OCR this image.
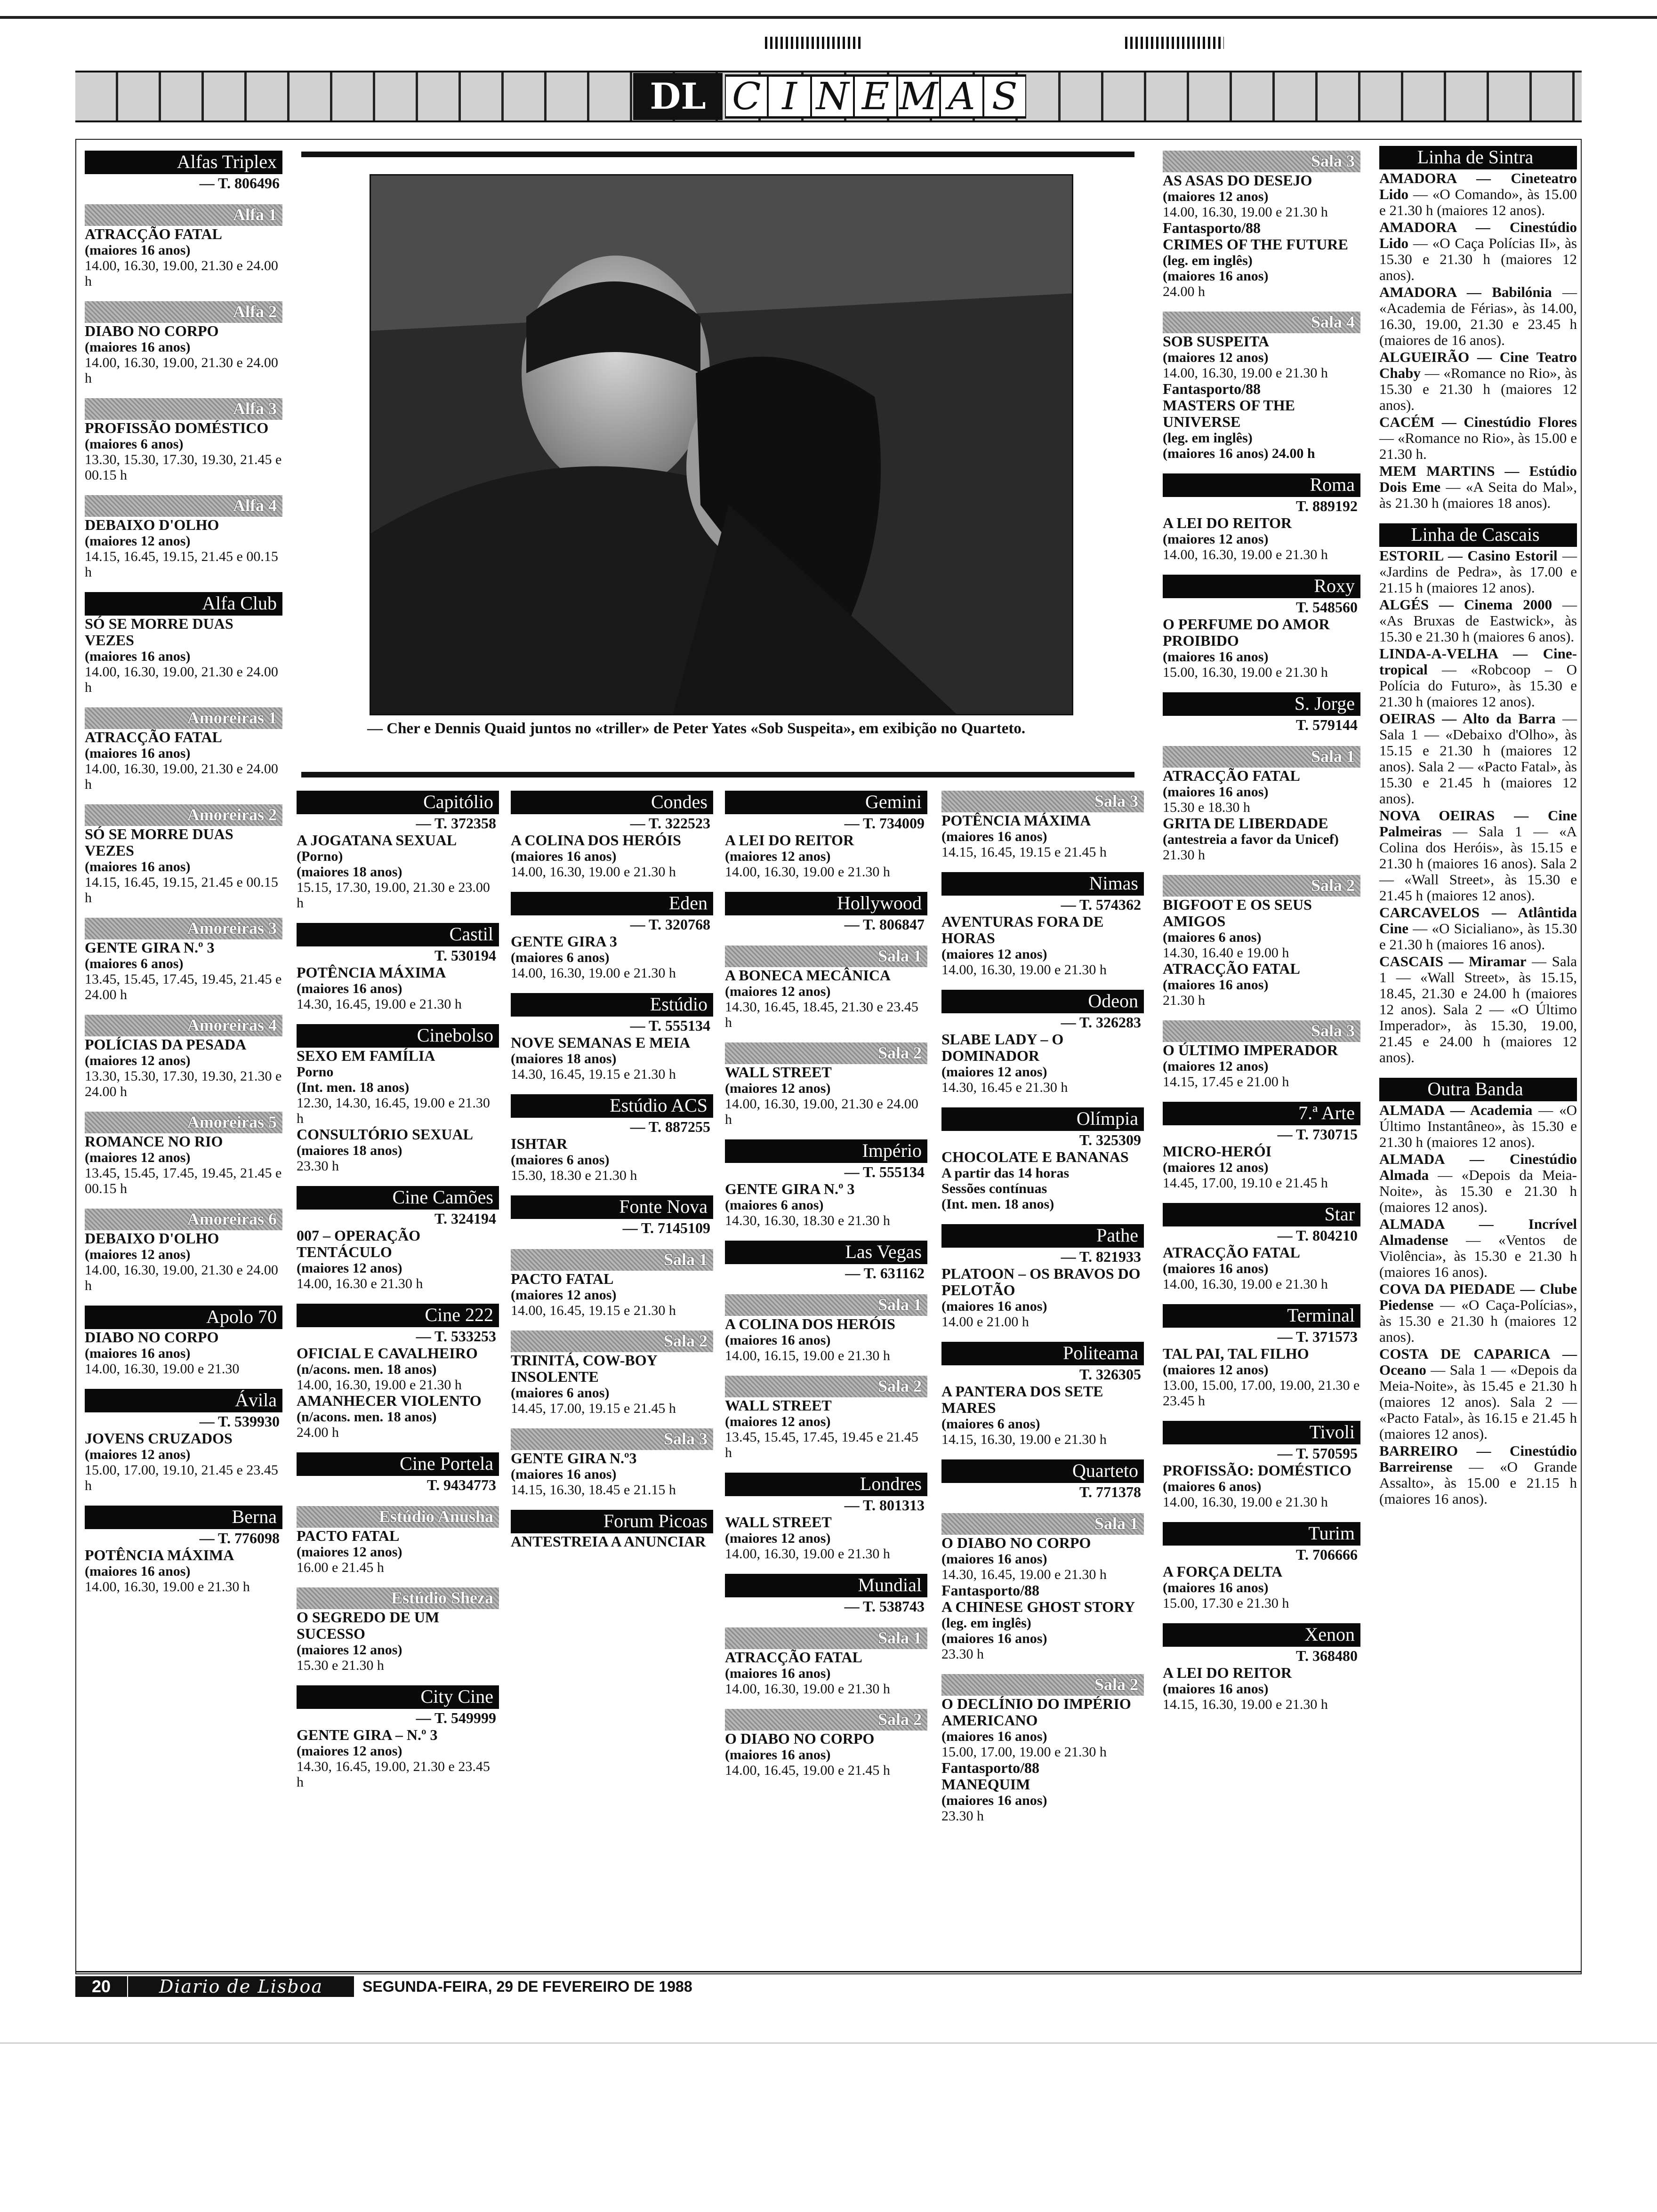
DL C I N E M A S
— Cher e Dennis Quaid juntos no «triller» de Peter Yates «Sob Suspeita», em exibição no Quartetо.
Alfas Triplex
— T. 806496
Alfa 1
ATRACÇÃO FATAL
(maiores 16 anos)
14.00, 16.30, 19.00, 21.30 e 24.00 h
Alfa 2
DIABO NO CORPO
(maiores 16 anos)
14.00, 16.30, 19.00, 21.30 e 24.00 h
Alfa 3
PROFISSÃO DOMÉSTICO
(maiores 6 anos)
13.30, 15.30, 17.30, 19.30, 21.45 e 00.15 h
Alfa 4
DEBAIXO D'OLHO
(maiores 12 anos)
14.15, 16.45, 19.15, 21.45 e 00.15 h
Alfa Club
SÓ SE MORRE DUAS VEZES
(maiores 16 anos)
14.00, 16.30, 19.00, 21.30 e 24.00 h
Amoreiras 1
ATRACÇÃO FATAL
(maiores 16 anos)
14.00, 16.30, 19.00, 21.30 e 24.00 h
Amoreiras 2
SÓ SE MORRE DUAS VEZES
(maiores 16 anos)
14.15, 16.45, 19.15, 21.45 e 00.15 h
Amoreiras 3
GENTE GIRA N.º 3
(maiores 6 anos)
13.45, 15.45, 17.45, 19.45, 21.45 e 24.00 h
Amoreiras 4
POLÍCIAS DA PESADA
(maiores 12 anos)
13.30, 15.30, 17.30, 19.30, 21.30 e 24.00 h
Amoreiras 5
ROMANCE NO RIO
(maiores 12 anos)
13.45, 15.45, 17.45, 19.45, 21.45 e 00.15 h
Amoreiras 6
DEBAIXO D'OLHO
(maiores 12 anos)
14.00, 16.30, 19.00, 21.30 e 24.00 h
Apolo 70
DIABO NO CORPO
(maiores 16 anos)
14.00, 16.30, 19.00 e 21.30
Ávila
— T. 539930
JOVENS CRUZADOS
(maiores 12 anos)
15.00, 17.00, 19.10, 21.45 e 23.45 h
Berna
— T. 776098
POTÊNCIA MÁXIMA
(maiores 16 anos)
14.00, 16.30, 19.00 e 21.30 h
Capitólio
— T. 372358
A JOGATANA SEXUAL
(Porno)
(maiores 18 anos)
15.15, 17.30, 19.00, 21.30 e 23.00 h
Castil
T. 530194
POTÊNCIA MÁXIMA
(maiores 16 anos)
14.30, 16.45, 19.00 e 21.30 h
Cinebolso
SEXO EM FAMÍLIA
Porno
(Int. men. 18 anos)
12.30, 14.30, 16.45, 19.00 e 21.30 h
CONSULTÓRIO SEXUAL
(maiores 18 anos)
23.30 h
Cine Camões
T. 324194
007 – OPERAÇÃO TENTÁCULO
(maiores 12 anos)
14.00, 16.30 e 21.30 h
Cine 222
— T. 533253
OFICIAL E CAVALHEIRO
(n/acons. men. 18 anos)
14.00, 16.30, 19.00 e 21.30 h
AMANHECER VIOLENTO
(n/acons. men. 18 anos)
24.00 h
Cine Portela
T. 9434773
Estúdio Anusha
PACTO FATAL
(maiores 12 anos)
16.00 e 21.45 h
Estúdio Sheza
O SEGREDO DE UM SUCESSO
(maiores 12 anos)
15.30 e 21.30 h
City Cine
— T. 549999
GENTE GIRA – N.º 3
(maiores 12 anos)
14.30, 16.45, 19.00, 21.30 e 23.45 h
Condes
— T. 322523
A COLINA DOS HERÓIS
(maiores 16 anos)
14.00, 16.30, 19.00 e 21.30 h
Eden
— T. 320768
GENTE GIRA 3
(maiores 6 anos)
14.00, 16.30, 19.00 e 21.30 h
Estúdio
— T. 555134
NOVE SEMANAS E MEIA
(maiores 18 anos)
14.30, 16.45, 19.15 e 21.30 h
Estúdio ACS
— T. 887255
ISHTAR
(maiores 6 anos)
15.30, 18.30 e 21.30 h
Fonte Nova
— T. 7145109
Sala 1
PACTO FATAL
(maiores 12 anos)
14.00, 16.45, 19.15 e 21.30 h
Sala 2
TRINITÁ, COW-BOY INSOLENTE
(maiores 6 anos)
14.45, 17.00, 19.15 e 21.45 h
Sala 3
GENTE GIRA N.º3
(maiores 16 anos)
14.15, 16.30, 18.45 e 21.15 h
Forum Picoas
ANTESTREIA A ANUNCIAR
Gemini
— T. 734009
A LEI DO REITOR
(maiores 12 anos)
14.00, 16.30, 19.00 e 21.30 h
Hollywood
— T. 806847
Sala 1
A BONECA MECÂNICA
(maiores 12 anos)
14.30, 16.45, 18.45, 21.30 e 23.45 h
Sala 2
WALL STREET
(maiores 12 anos)
14.00, 16.30, 19.00, 21.30 e 24.00 h
Império
— T. 555134
GENTE GIRA N.º 3
(maiores 6 anos)
14.30, 16.30, 18.30 e 21.30 h
Las Vegas
— T. 631162
Sala 1
A COLINA DOS HERÓIS
(maiores 16 anos)
14.00, 16.15, 19.00 e 21.30 h
Sala 2
WALL STREET
(maiores 12 anos)
13.45, 15.45, 17.45, 19.45 e 21.45 h
Londres
— T. 801313
WALL STREET
(maiores 12 anos)
14.00, 16.30, 19.00 e 21.30 h
Mundial
— T. 538743
Sala 1
ATRACÇÃO FATAL
(maiores 16 anos)
14.00, 16.30, 19.00 e 21.30 h
Sala 2
O DIABO NO CORPO
(maiores 16 anos)
14.00, 16.45, 19.00 e 21.45 h
Sala 3
POTÊNCIA MÁXIMA
(maiores 16 anos)
14.15, 16.45, 19.15 e 21.45 h
Nimas
— T. 574362
AVENTURAS FORA DE HORAS
(maiores 12 anos)
14.00, 16.30, 19.00 e 21.30 h
Odeon
— T. 326283
SLABE LADY – O DOMINADOR
(maiores 12 anos)
14.30, 16.45 e 21.30 h
Olímpia
T. 325309
CHOCOLATE E BANANAS
A partir das 14 horas
Sessões contínuas
(Int. men. 18 anos)
Pathe
— T. 821933
PLATOON – OS BRAVOS DO PELOTÃO
(maiores 16 anos)
14.00 e 21.00 h
Politeama
T. 326305
A PANTERA DOS SETE MARES
(maiores 6 anos)
14.15, 16.30, 19.00 e 21.30 h
Quarteto
T. 771378
Sala 1
O DIABO NO CORPO
(maiores 16 anos)
14.30, 16.45, 19.00 e 21.30 h
Fantasporto/88
A CHINESE GHOST STORY
(leg. em inglês)
(maiores 16 anos)
23.30 h
Sala 2
O DECLÍNIO DO IMPÉRIO AMERICANO
(maiores 16 anos)
15.00, 17.00, 19.00 e 21.30 h
Fantasporto/88
MANEQUIM
(maiores 16 anos)
23.30 h
Sala 3
AS ASAS DO DESEJO
(maiores 12 anos)
14.00, 16.30, 19.00 e 21.30 h
Fantasporto/88
CRIMES OF THE FUTURE
(leg. em inglês)
(maiores 16 anos)
24.00 h
Sala 4
SOB SUSPEITA
(maiores 12 anos)
14.00, 16.30, 19.00 e 21.30 h
Fantasporto/88
MASTERS OF THE UNIVERSE
(leg. em inglês)
(maiores 16 anos) 24.00 h
Roma
T. 889192
A LEI DO REITOR
(maiores 12 anos)
14.00, 16.30, 19.00 e 21.30 h
Roxy
T. 548560
O PERFUME DO AMOR PROIBIDO
(maiores 16 anos)
15.00, 16.30, 19.00 e 21.30 h
S. Jorge
T. 579144
Sala 1
ATRACÇÃO FATAL
(maiores 16 anos)
15.30 e 18.30 h
GRITA DE LIBERDADE
(antestreia a favor da Unicef)
21.30 h
Sala 2
BIGFOOT E OS SEUS AMIGOS
(maiores 6 anos)
14.30, 16.40 e 19.00 h
ATRACÇÃO FATAL
(maiores 16 anos)
21.30 h
Sala 3
O ÚLTIMO IMPERADOR
(maiores 12 anos)
14.15, 17.45 e 21.00 h
7.ª Arte
— T. 730715
MICRO-HERÓI
(maiores 12 anos)
14.45, 17.00, 19.10 e 21.45 h
Star
— T. 804210
ATRACÇÃO FATAL
(maiores 16 anos)
14.00, 16.30, 19.00 e 21.30 h
Terminal
— T. 371573
TAL PAI, TAL FILHO
(maiores 12 anos)
13.00, 15.00, 17.00, 19.00, 21.30 e 23.45 h
Tivoli
— T. 570595
PROFISSÃO: DOMÉSTICO
(maiores 6 anos)
14.00, 16.30, 19.00 e 21.30 h
Turim
T. 706666
A FORÇA DELTA
(maiores 16 anos)
15.00, 17.30 e 21.30 h
Xenon
T. 368480
A LEI DO REITOR
(maiores 16 anos)
14.15, 16.30, 19.00 e 21.30 h
Linha de Sintra
AMADORA — Cineteatro Lido — «O Comando», às 15.00 e 21.30 h (maiores 12 anos).
AMADORA — Cinestúdio Lido — «O Caça Polícias II», às 15.30 e 21.30 h (maiores 12 anos).
AMADORA — Babilónia — «Academia de Férias», às 14.00, 16.30, 19.00, 21.30 e 23.45 h (maiores de 16 anos).
ALGUEIRÃO — Cine Teatro Chaby — «Romance no Rio», às 15.30 e 21.30 h (maiores 12 anos).
CACÉM — Cinestúdio Flores — «Romance no Rio», às 15.00 e 21.30 h.
MEM MARTINS — Estúdio Dois Eme — «A Seita do Mal», às 21.30 h (maiores 18 anos).
Linha de Cascais
ESTORIL — Casino Estoril — «Jardins de Pedra», às 17.00 e 21.15 h (maiores 12 anos).
ALGÉS — Cinema 2000 — «As Bruxas de Eastwick», às 15.30 e 21.30 h (maiores 6 anos).
LINDA-A-VELHA — Cine-tropical — «Robcoop – O Polícia do Futuro», às 15.30 e 21.30 h (maiores 12 anos).
OEIRAS — Alto da Barra — Sala 1 — «Debaixo d'Olho», às 15.15 e 21.30 h (maiores 12 anos). Sala 2 — «Pacto Fatal», às 15.30 e 21.45 h (maiores 12 anos).
NOVA OEIRAS — Cine Palmeiras — Sala 1 — «A Colina dos Heróis», às 15.15 e 21.30 h (maiores 16 anos). Sala 2 — «Wall Street», às 15.30 e 21.45 h (maiores 12 anos).
CARCAVELOS — Atlântida Cine — «O Sicialiano», às 15.30 e 21.30 h (maiores 16 anos).
CASCAIS — Miramar — Sala 1 — «Wall Street», às 15.15, 18.45, 21.30 e 24.00 h (maiores 12 anos). Sala 2 — «O Último Imperador», às 15.30, 19.00, 21.45 e 24.00 h (maiores 12 anos).
Outra Banda
ALMADA — Academia — «O Último Instantâneo», às 15.30 e 21.30 h (maiores 12 anos).
ALMADA — Cinestúdio Almada — «Depois da Meia-Noite», às 15.30 e 21.30 h (maiores 12 anos).
ALMADA — Incrível Almadense — «Ventos de Violência», às 15.30 e 21.30 h (maiores 16 anos).
COVA DA PIEDADE — Clube Piedense — «O Caça-Polícias», às 15.30 e 21.30 h (maiores 12 anos).
COSTA DE CAPARICA — Oceano — Sala 1 — «Depois da Meia-Noite», às 15.45 e 21.30 h (maiores 12 anos). Sala 2 — «Pacto Fatal», às 16.15 e 21.45 h (maiores 12 anos).
BARREIRO — Cinestúdio Barreirense — «O Grande Assalto», às 15.00 e 21.15 h (maiores 16 anos).
20	Diario de Lisboa	SEGUNDA-FEIRA, 29 DE FEVEREIRO DE 1988
